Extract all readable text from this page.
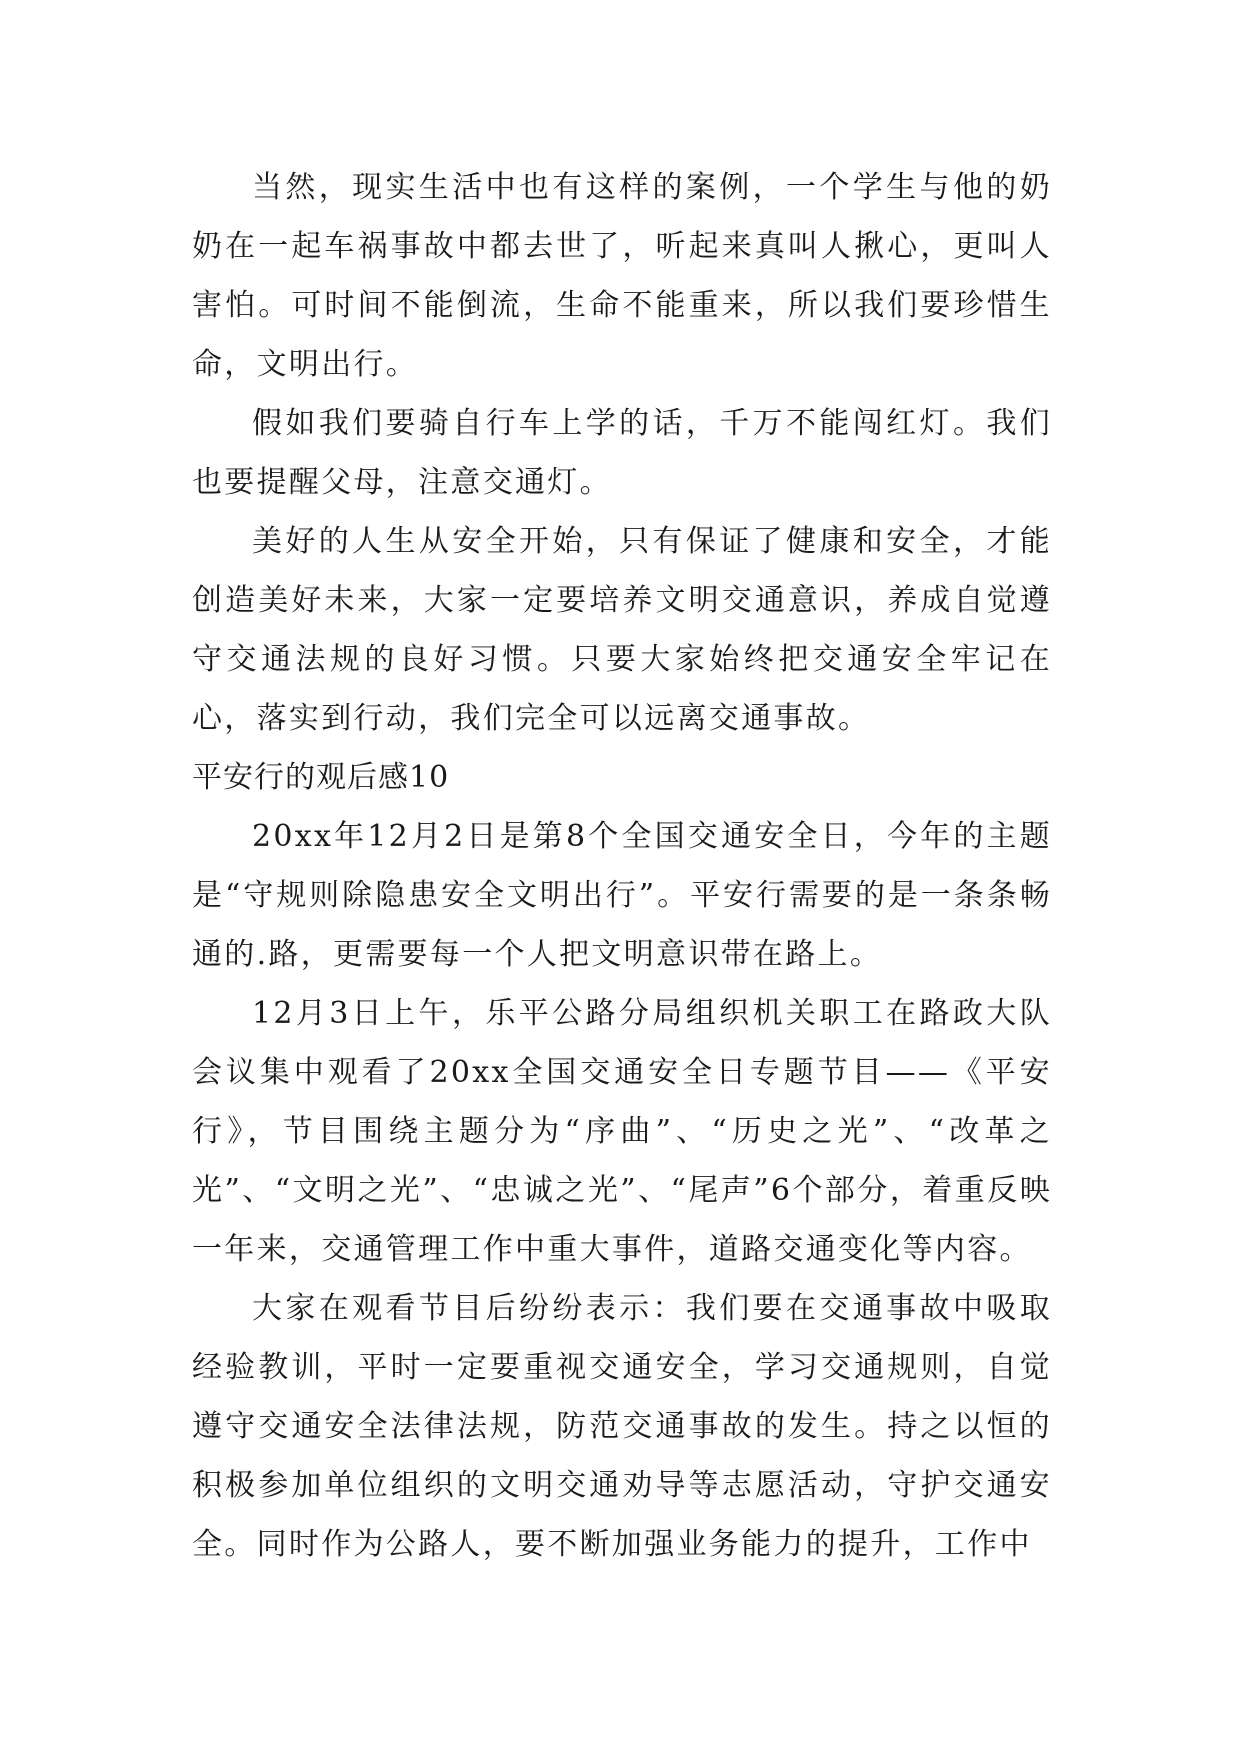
当然，现实生活中也有这样的案例，一个学生与他的奶奶在一起车祸事故中都去世了，听起来真叫人揪心，更叫人害怕。可时间不能倒流，生命不能重来，所以我们要珍惜生命，文明出行。

假如我们要骑自行车上学的话，千万不能闯红灯。我们也要提醒父母，注意交通灯。

美好的人生从安全开始，只有保证了健康和安全，才能创造美好未来，大家一定要培养文明交通意识，养成自觉遵守交通法规的良好习惯。只要大家始终把交通安全牢记在心，落实到行动，我们完全可以远离交通事故。

平安行的观后感10

20xx年12月2日是第8个全国交通安全日，今年的主题是“守规则除隐患安全文明出行”。平安行需要的是一条条畅通的.路，更需要每一个人把文明意识带在路上。

12月3日上午，乐平公路分局组织机关职工在路政大队会议集中观看了20xx全国交通安全日专题节目——《平安行》，节目围绕主题分为“序曲”、“历史之光”、“改革之光”、“文明之光”、“忠诚之光”、“尾声”6个部分，着重反映一年来，交通管理工作中重大事件，道路交通变化等内容。

大家在观看节目后纷纷表示：我们要在交通事故中吸取经验教训，平时一定要重视交通安全，学习交通规则，自觉遵守交通安全法律法规，防范交通事故的发生。持之以恒的积极参加单位组织的文明交通劝导等志愿活动，守护交通安全。同时作为公路人，要不断加强业务能力的提升，工作中
